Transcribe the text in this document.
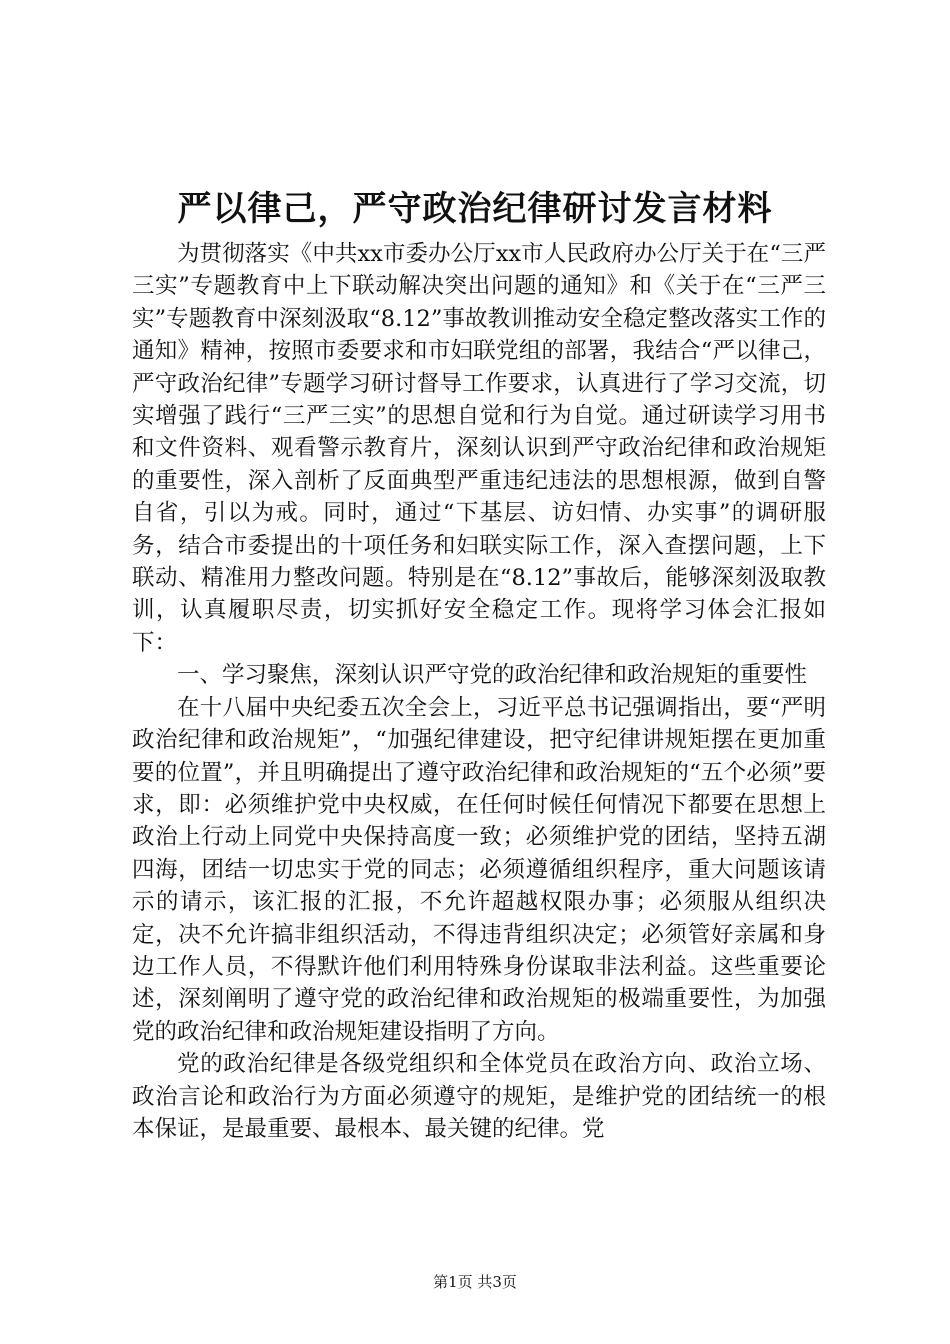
严以律己，严守政治纪律研讨发言材料

为贯彻落实《中共xx市委办公厅xx市人民政府办公厅关于在“三严三实”专题教育中上下联动解决突出问题的通知》和《关于在“三严三实”专题教育中深刻汲取“8.12”事故教训推动安全稳定整改落实工作的通知》精神，按照市委要求和市妇联党组的部署，我结合“严以律己，严守政治纪律”专题学习研讨督导工作要求，认真进行了学习交流，切实增强了践行“三严三实”的思想自觉和行为自觉。通过研读学习用书和文件资料、观看警示教育片，深刻认识到严守政治纪律和政治规矩的重要性，深入剖析了反面典型严重违纪违法的思想根源，做到自警自省，引以为戒。同时，通过“下基层、访妇情、办实事”的调研服务，结合市委提出的十项任务和妇联实际工作，深入查摆问题，上下联动、精准用力整改问题。特别是在“8.12”事故后，能够深刻汲取教训，认真履职尽责，切实抓好安全稳定工作。现将学习体会汇报如下：

一、学习聚焦，深刻认识严守党的政治纪律和政治规矩的重要性

在十八届中央纪委五次全会上，习近平总书记强调指出，要“严明政治纪律和政治规矩”，“加强纪律建设，把守纪律讲规矩摆在更加重要的位置”，并且明确提出了遵守政治纪律和政治规矩的“五个必须”要求，即：必须维护党中央权威，在任何时候任何情况下都要在思想上政治上行动上同党中央保持高度一致；必须维护党的团结，坚持五湖四海，团结一切忠实于党的同志；必须遵循组织程序，重大问题该请示的请示，该汇报的汇报，不允许超越权限办事；必须服从组织决定，决不允许搞非组织活动，不得违背组织决定；必须管好亲属和身边工作人员，不得默许他们利用特殊身份谋取非法利益。这些重要论述，深刻阐明了遵守党的政治纪律和政治规矩的极端重要性，为加强党的政治纪律和政治规矩建设指明了方向。

党的政治纪律是各级党组织和全体党员在政治方向、政治立场、政治言论和政治行为方面必须遵守的规矩，是维护党的团结统一的根本保证，是最重要、最根本、最关键的纪律。党

第1页 共3页
